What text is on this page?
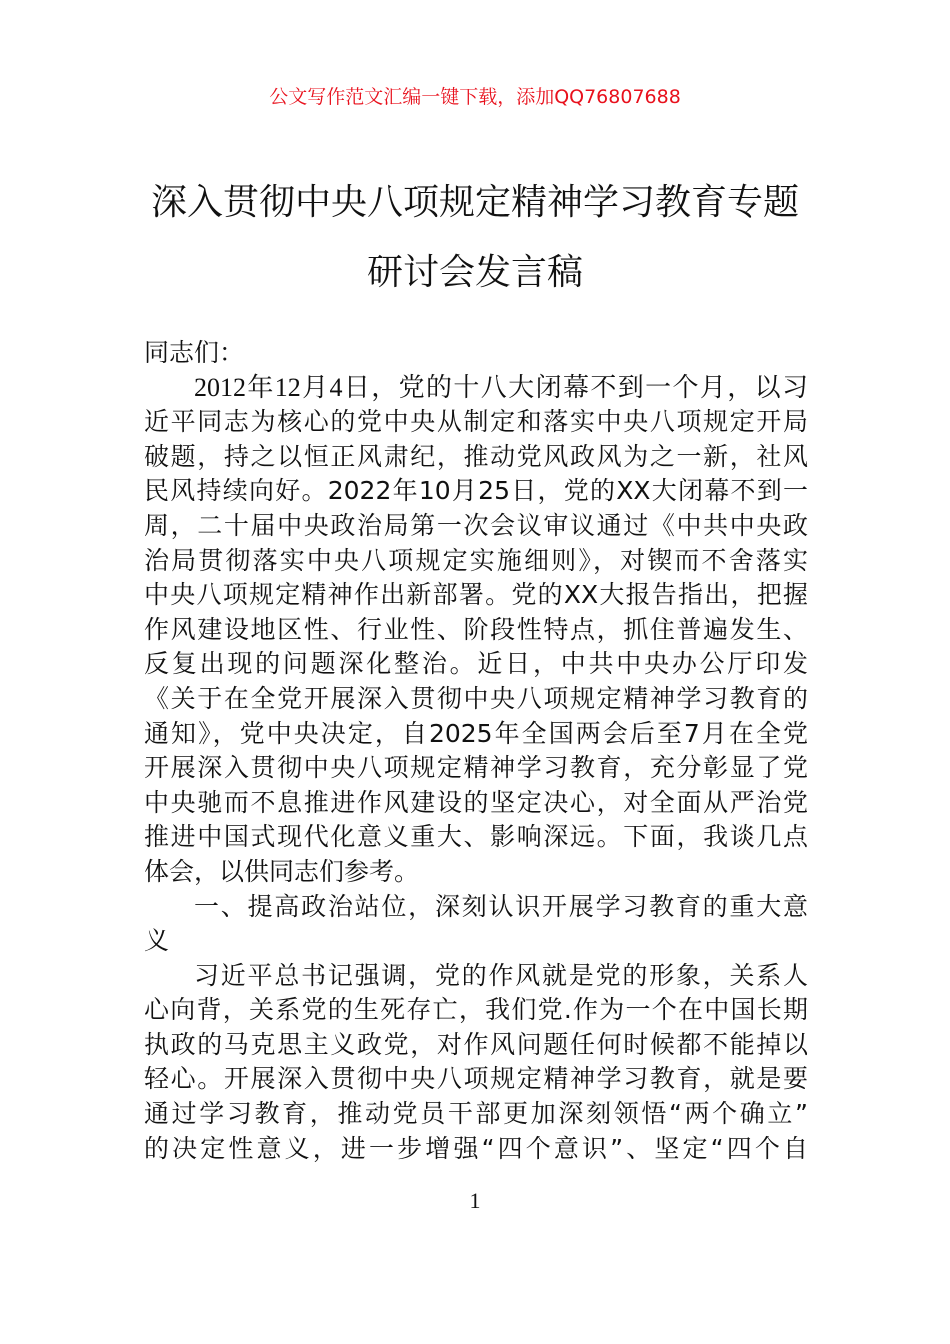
公文写作范文汇编一键下载，添加QQ76807688
深入贯彻中央八项规定精神学习教育专题
研讨会发言稿
同志们：
2012年12月4日，党的十八大闭幕不到一个月，以习
近平同志为核心的党中央从制定和落实中央八项规定开局
破题，持之以恒正风肃纪，推动党风政风为之一新，社风
民风持续向好。2022年10月25日，党的XX大闭幕不到一
周，二十届中央政治局第一次会议审议通过《中共中央政
治局贯彻落实中央八项规定实施细则》，对锲而不舍落实
中央八项规定精神作出新部署。党的XX大报告指出，把握
作风建设地区性、行业性、阶段性特点，抓住普遍发生、
反复出现的问题深化整治。近日，中共中央办公厅印发
《关于在全党开展深入贯彻中央八项规定精神学习教育的
通知》，党中央决定，自2025年全国两会后至7月在全党
开展深入贯彻中央八项规定精神学习教育，充分彰显了党
中央驰而不息推进作风建设的坚定决心，对全面从严治党
推进中国式现代化意义重大、影响深远。下面，我谈几点
体会，以供同志们参考。
一、提高政治站位，深刻认识开展学习教育的重大意
义
习近平总书记强调，党的作风就是党的形象，关系人
心向背，关系党的生死存亡，我们党.作为一个在中国长期
执政的马克思主义政党，对作风问题任何时候都不能掉以
轻心。开展深入贯彻中央八项规定精神学习教育，就是要
通过学习教育，推动党员干部更加深刻领悟“两个确立”
的决定性意义，进一步增强“四个意识”、坚定“四个自
1
